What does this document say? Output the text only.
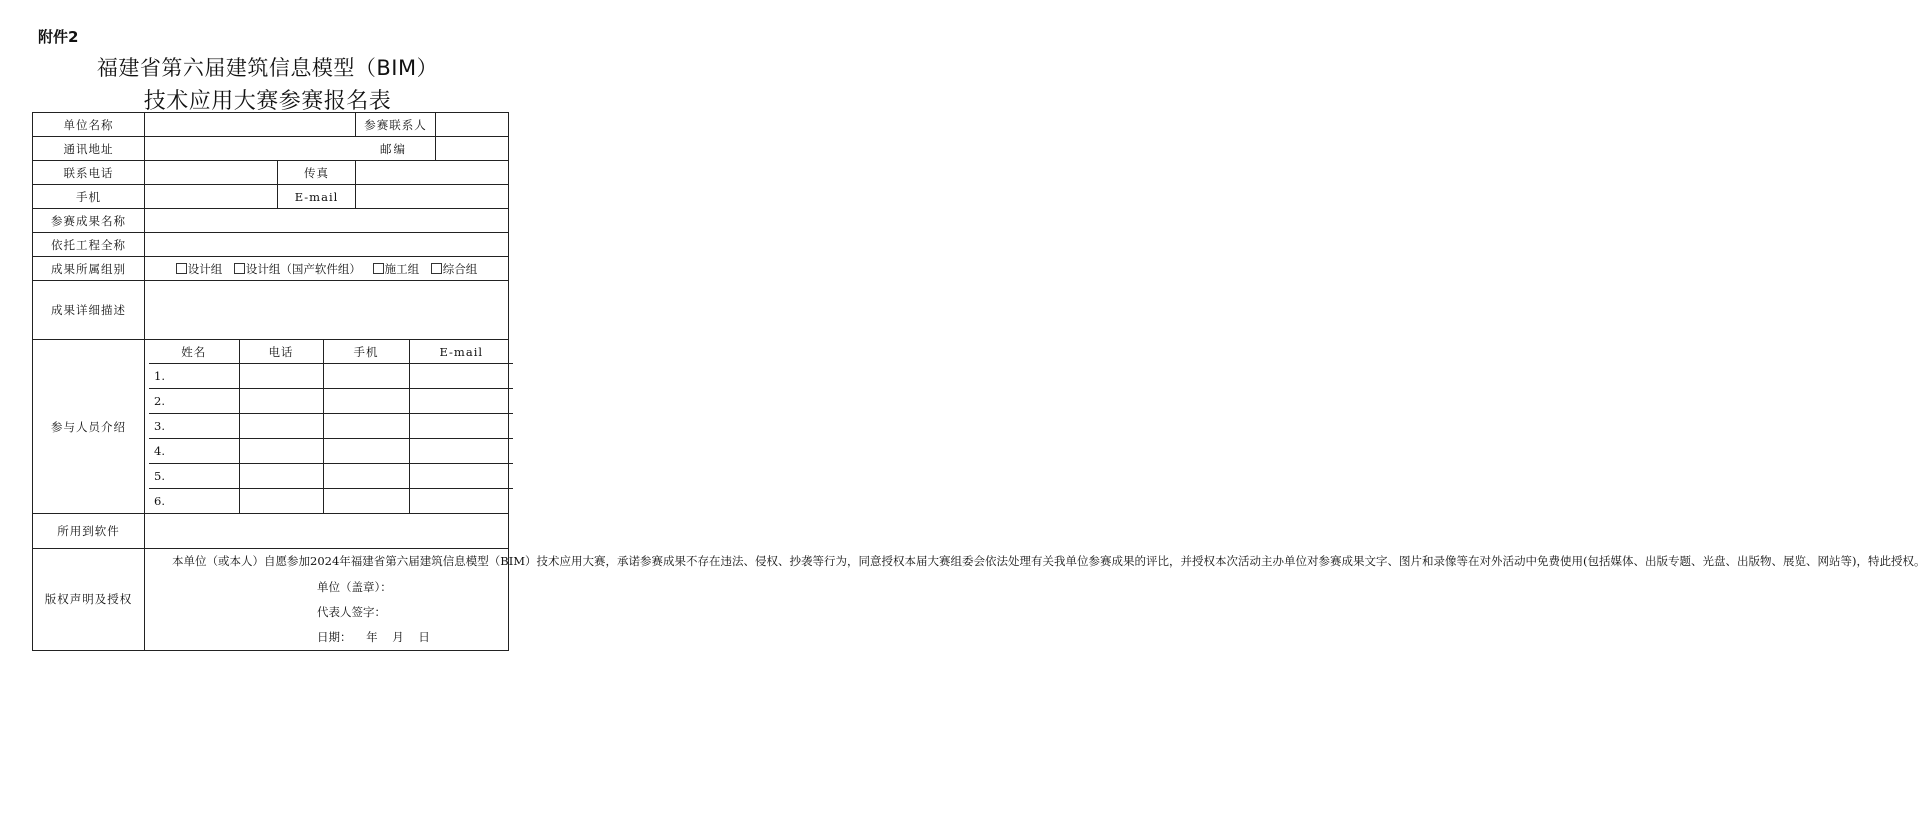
附件2
福建省第六届建筑信息模型（BIM）
技术应用大赛参赛报名表
单位名称		参赛联系人	
通讯地址	邮编

联系电话		传真	
手机		E-mail	
参赛成果名称	
依托工程全称	
成果所属组别	设计组 设计组（国产软件组） 施工组 综合组
成果详细描述	
参与人员介绍	
姓名	电话	手机	E-mail
1.			
2.			
3.			
4.			
5.			
6.			

所用到软件	
版权声明及授权	

本单位（或本人）自愿参加2024年福建省第六届建筑信息模型（BIM）技术应用大赛，承诺参赛成果不存在违法、侵权、抄袭等行为，同意授权本届大赛组委会依法处理有关我单位参赛成果的评比，并授权本次活动主办单位对参赛成果文字、图片和录像等在对外活动中免费使用(包括媒体、出版专题、光盘、出版物、展览、网站等)，特此授权。

单位（盖章）：
代表人签字：
日期：    年    月    日
